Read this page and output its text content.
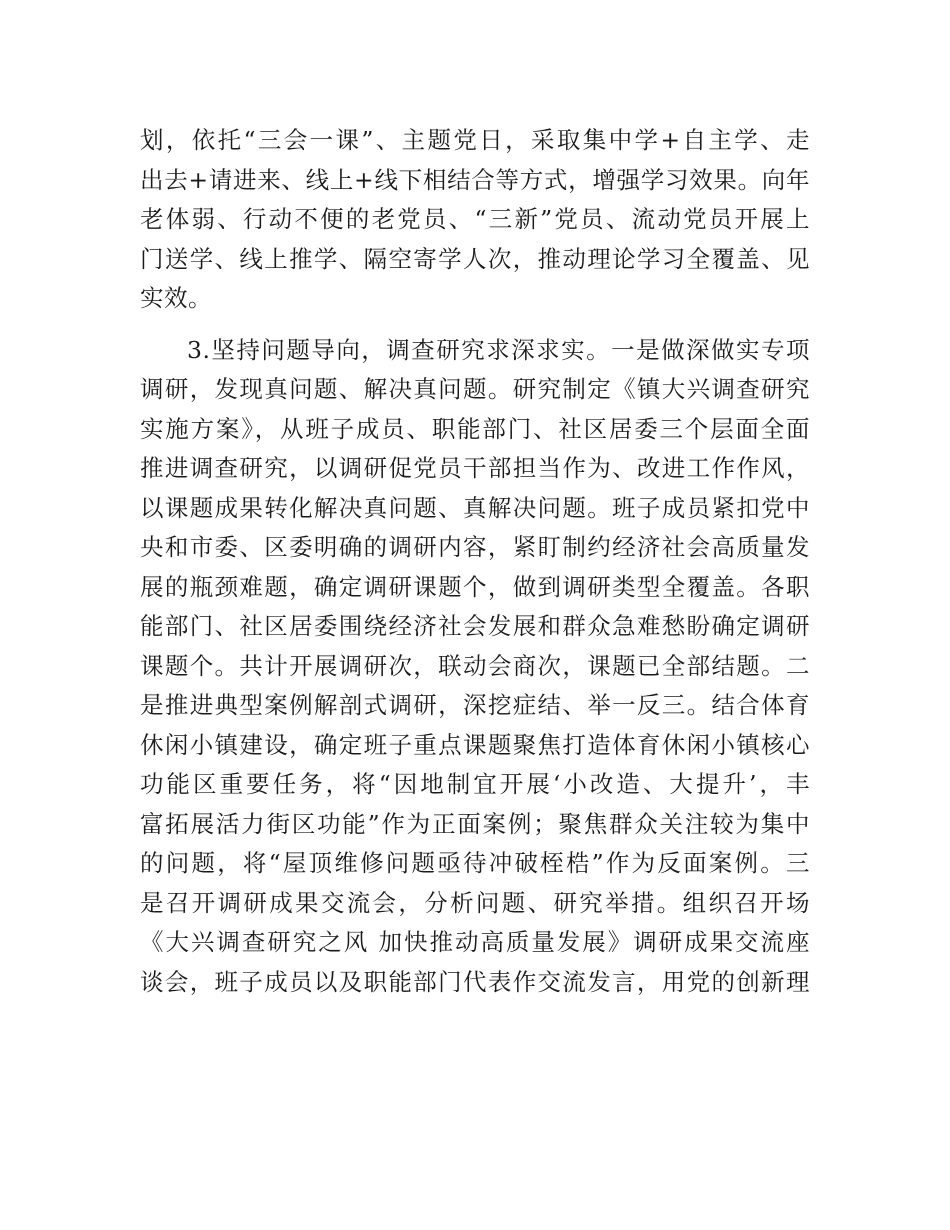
划，依托“三会一课”、主题党日，采取集中学+自主学、走
出去+请进来、线上+线下相结合等方式，增强学习效果。向年
老体弱、行动不便的老党员、“三新”党员、流动党员开展上
门送学、线上推学、隔空寄学人次，推动理论学习全覆盖、见
实效。
3.坚持问题导向，调查研究求深求实。一是做深做实专项
调研，发现真问题、解决真问题。研究制定《镇大兴调查研究
实施方案》，从班子成员、职能部门、社区居委三个层面全面
推进调查研究，以调研促党员干部担当作为、改进工作作风，
以课题成果转化解决真问题、真解决问题。班子成员紧扣党中
央和市委、区委明确的调研内容，紧盯制约经济社会高质量发
展的瓶颈难题，确定调研课题个，做到调研类型全覆盖。各职
能部门、社区居委围绕经济社会发展和群众急难愁盼确定调研
课题个。共计开展调研次，联动会商次，课题已全部结题。二
是推进典型案例解剖式调研，深挖症结、举一反三。结合体育
休闲小镇建设，确定班子重点课题聚焦打造体育休闲小镇核心
功能区重要任务，将“因地制宜开展‘小改造、大提升’，丰
富拓展活力街区功能”作为正面案例；聚焦群众关注较为集中
的问题，将“屋顶维修问题亟待冲破桎梏”作为反面案例。三
是召开调研成果交流会，分析问题、研究举措。组织召开场
《大兴调查研究之风 加快推动高质量发展》调研成果交流座
谈会，班子成员以及职能部门代表作交流发言，用党的创新理
